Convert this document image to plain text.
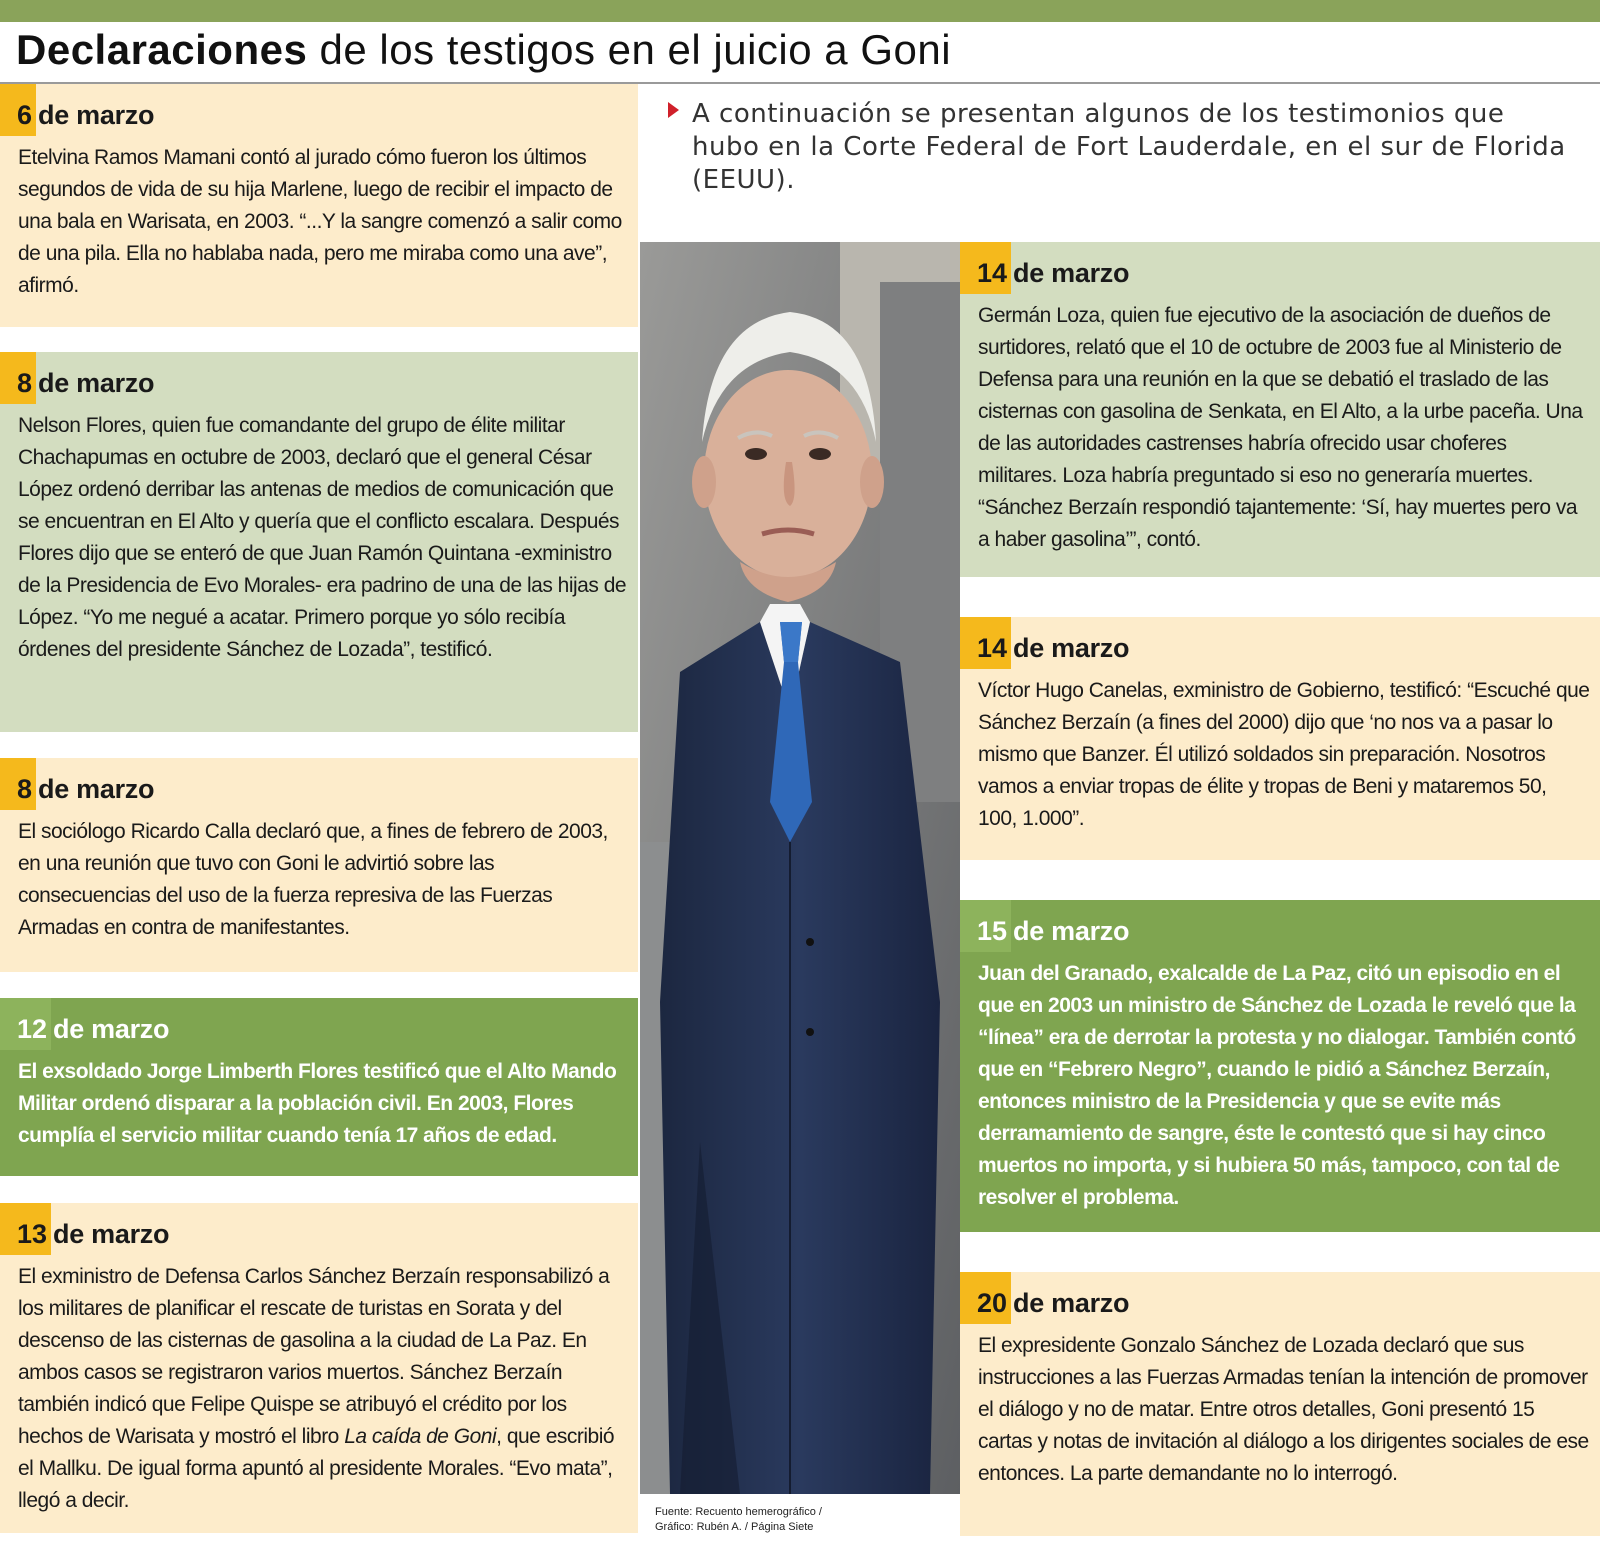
Declaraciones de los testigos en el juicio a Goni
6 de marzo

Etelvina Ramos Mamani contó al jurado cómo fueron los últimos segundos de vida de su hija Marlene, luego de recibir el impacto de una bala en Warisata, en 2003. “...Y la sangre comenzó a salir como de una pila. Ella no hablaba nada, pero me miraba como una ave”, afirmó.

8 de marzo

Nelson Flores, quien fue comandante del grupo de élite militar Chachapumas en octubre de 2003, declaró que el general César López ordenó derribar las antenas de medios de comunicación que se encuentran en El Alto y quería que el conflicto escalara. Después Flores dijo que se enteró de que Juan Ramón Quintana -exministro de la Presidencia de Evo Morales- era padrino de una de las hijas de López. “Yo me negué a acatar. Primero porque yo sólo recibía órdenes del presidente Sánchez de Lozada”, testificó.

8 de marzo

El sociólogo Ricardo Calla declaró que, a fines de febrero de 2003, en una reunión que tuvo con Goni le advirtió sobre las consecuencias del uso de la fuerza represiva de las Fuerzas Armadas en contra de manifestantes.

12 de marzo

El exsoldado Jorge Limberth Flores testificó que el Alto Mando Militar ordenó disparar a la población civil. En 2003, Flores cumplía el servicio militar cuando tenía 17 años de edad.

13 de marzo

El exministro de Defensa Carlos Sánchez Berzaín responsabilizó a los militares de planificar el rescate de turistas en Sorata y del descenso de las cisternas de gasolina a la ciudad de La Paz. En ambos casos se registraron varios muertos. Sánchez Berzaín también indicó que Felipe Quispe se atribuyó el crédito por los hechos de Warisata y mostró el libro La caída de Goni, que escribió el Mallku. De igual forma apuntó al presidente Morales. “Evo mata”, llegó a decir.

A continuación se presentan algunos de los testimonios que hubo en la Corte Federal de Fort Lauderdale, en el sur de Florida (EEUU).

Fuente: Recuento hemerográfico /
Gráfico: Rubén A. / Página Siete
14 de marzo

Germán Loza, quien fue ejecutivo de la asociación de dueños de surtidores, relató que el 10 de octubre de 2003 fue al Ministerio de Defensa para una reunión en la que se debatió el traslado de las cisternas con gasolina de Senkata, en El Alto, a la urbe paceña. Una de las autoridades castrenses habría ofrecido usar choferes militares. Loza habría preguntado si eso no generaría muertes. “Sánchez Berzaín respondió tajantemente: ‘Sí, hay muertes pero va a haber gasolina’”, contó.

14 de marzo

Víctor Hugo Canelas, exministro de Gobierno, testificó: “Escuché que Sánchez Berzaín (a fines del 2000) dijo que ‘no nos va a pasar lo mismo que Banzer. Él utilizó soldados sin preparación. Nosotros vamos a enviar tropas de élite y tropas de Beni y mataremos 50, 100, 1.000”.

15 de marzo

Juan del Granado, exalcalde de La Paz, citó un episodio en el que en 2003 un ministro de Sánchez de Lozada le reveló que la “línea” era de derrotar la protesta y no dialogar. También contó que en “Febrero Negro”, cuando le pidió a Sánchez Berzaín, entonces ministro de la Presidencia y que se evite más derramamiento de sangre, éste le contestó que si hay cinco muertos no importa, y si hubiera 50 más, tampoco, con tal de resolver el problema.

20 de marzo

El expresidente Gonzalo Sánchez de Lozada declaró que sus instrucciones a las Fuerzas Armadas tenían la intención de promover el diálogo y no de matar. Entre otros detalles, Goni presentó 15 cartas y notas de invitación al diálogo a los dirigentes sociales de ese entonces. La parte demandante no lo interrogó.
